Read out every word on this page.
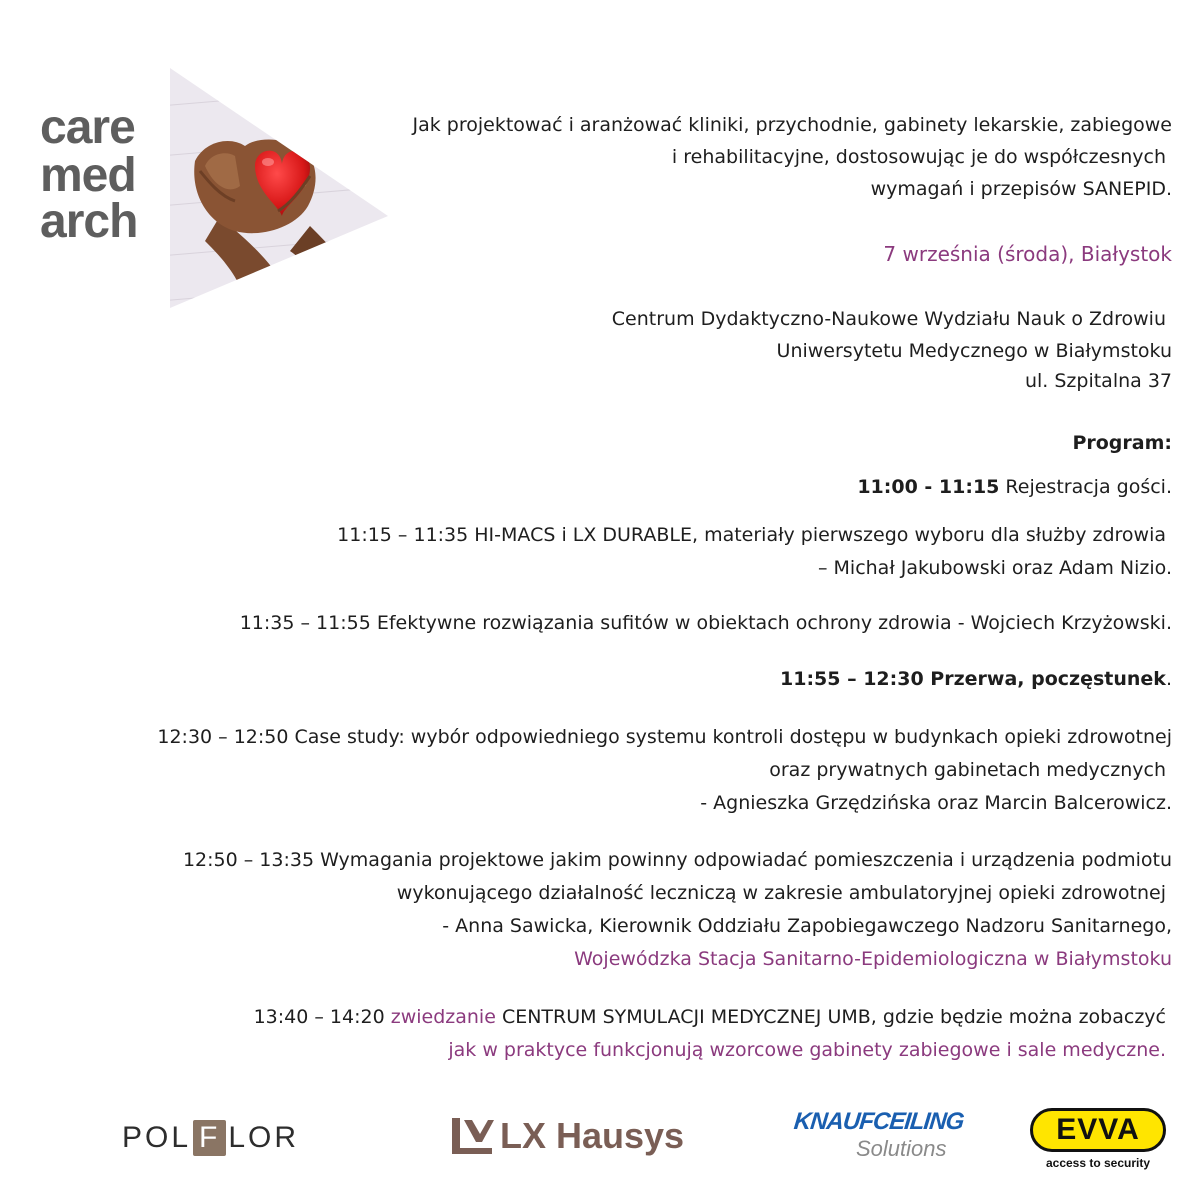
care
med
arch
Jak projektować i aranżować kliniki, przychodnie, gabinety lekarskie, zabiegowe
i rehabilitacyjne, dostosowując je do współczesnych
wymagań i przepisów SANEPID.
7 września (środa), Białystok
Centrum Dydaktyczno-Naukowe Wydziału Nauk o Zdrowiu
Uniwersytetu Medycznego w Białymstoku
ul. Szpitalna 37
Program:
11:00 - 11:15 Rejestracja gości.
11:15 – 11:35 HI-MACS i LX DURABLE, materiały pierwszego wyboru dla służby zdrowia
– Michał Jakubowski oraz Adam Nizio.
11:35 – 11:55 Efektywne rozwiązania sufitów w obiektach ochrony zdrowia - Wojciech Krzyżowski.
11:55 – 12:30 Przerwa, poczęstunek.
12:30 – 12:50 Case study: wybór odpowiedniego systemu kontroli dostępu w budynkach opieki zdrowotnej
oraz prywatnych gabinetach medycznych
- Agnieszka Grzędzińska oraz Marcin Balcerowicz.
12:50 – 13:35 Wymagania projektowe jakim powinny odpowiadać pomieszczenia i urządzenia podmiotu
wykonującego działalność leczniczą w zakresie ambulatoryjnej opieki zdrowotnej
- Anna Sawicka, Kierownik Oddziału Zapobiegawczego Nadzoru Sanitarnego,
Wojewódzka Stacja Sanitarno-Epidemiologiczna w Białymstoku
13:40 – 14:20 zwiedzanie CENTRUM SYMULACJI MEDYCZNEJ UMB, gdzie będzie można zobaczyć
jak w praktyce funkcjonują wzorcowe gabinety zabiegowe i sale medyczne.
POL F LOR	LX Hausys	KNAUFCEILING
Solutions
EVVA
access to security
